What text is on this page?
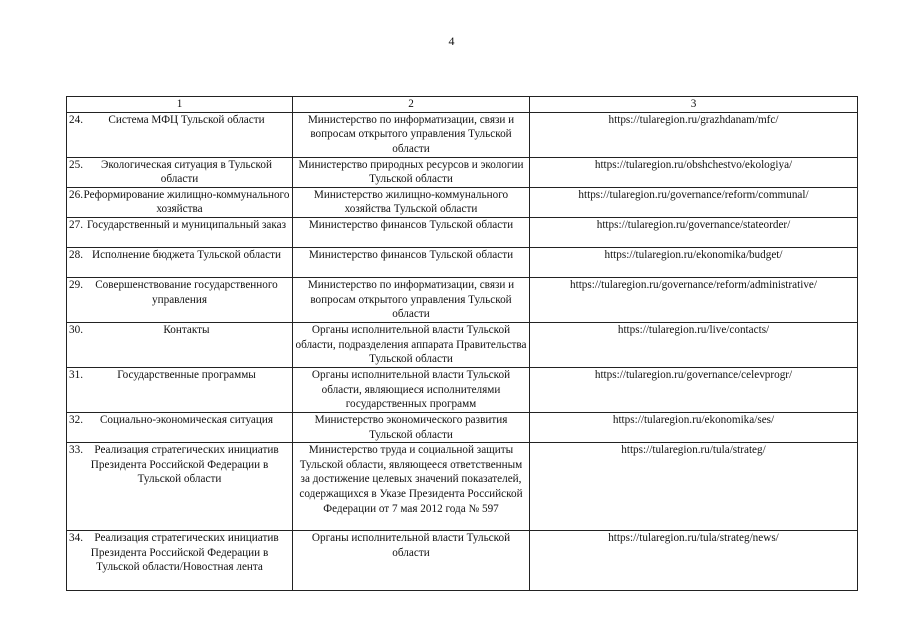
4
1	2	3

24. Система МФЦ Тульской области	Министерство по информатизации, связи и вопросам открытого управления Тульской области	https://tularegion.ru/grazhdanam/mfc/

25. Экологическая ситуация в Тульской области	Министерство природных ресурсов и экологии Тульской области	https://tularegion.ru/obshchestvo/ekologiya/

26. Реформирование жилищно-коммунального хозяйства	Министерство жилищно-коммунального хозяйства Тульской области	https://tularegion.ru/governance/reform/communal/

27. Государственный и муниципальный заказ	Министерство финансов Тульской области	https://tularegion.ru/governance/stateorder/

28. Исполнение бюджета Тульской области	Министерство финансов Тульской области	https://tularegion.ru/ekonomika/budget/

29. Совершенствование государственного управления	Министерство по информатизации, связи и вопросам открытого управления Тульской области	https://tularegion.ru/governance/reform/administrative/

30. Контакты	Органы исполнительной власти Тульской области, подразделения аппарата Правительства Тульской области	https://tularegion.ru/live/contacts/

31. Государственные программы	Органы исполнительной власти Тульской области, являющиеся исполнителями государственных программ	https://tularegion.ru/governance/celevprogr/

32. Социально-экономическая ситуация	Министерство экономического развития Тульской области	https://tularegion.ru/ekonomika/ses/

33. Реализация стратегических инициатив Президента Российской Федерации в Тульской области	Министерство труда и социальной защиты Тульской области, являющееся ответственным за достижение целевых значений показателей, содержащихся в Указе Президента Российской Федерации от 7 мая 2012 года № 597	https://tularegion.ru/tula/strateg/

34. Реализация стратегических инициатив Президента Российской Федерации в Тульской области/Новостная лента	Органы исполнительной власти Тульской области	https://tularegion.ru/tula/strateg/news/
